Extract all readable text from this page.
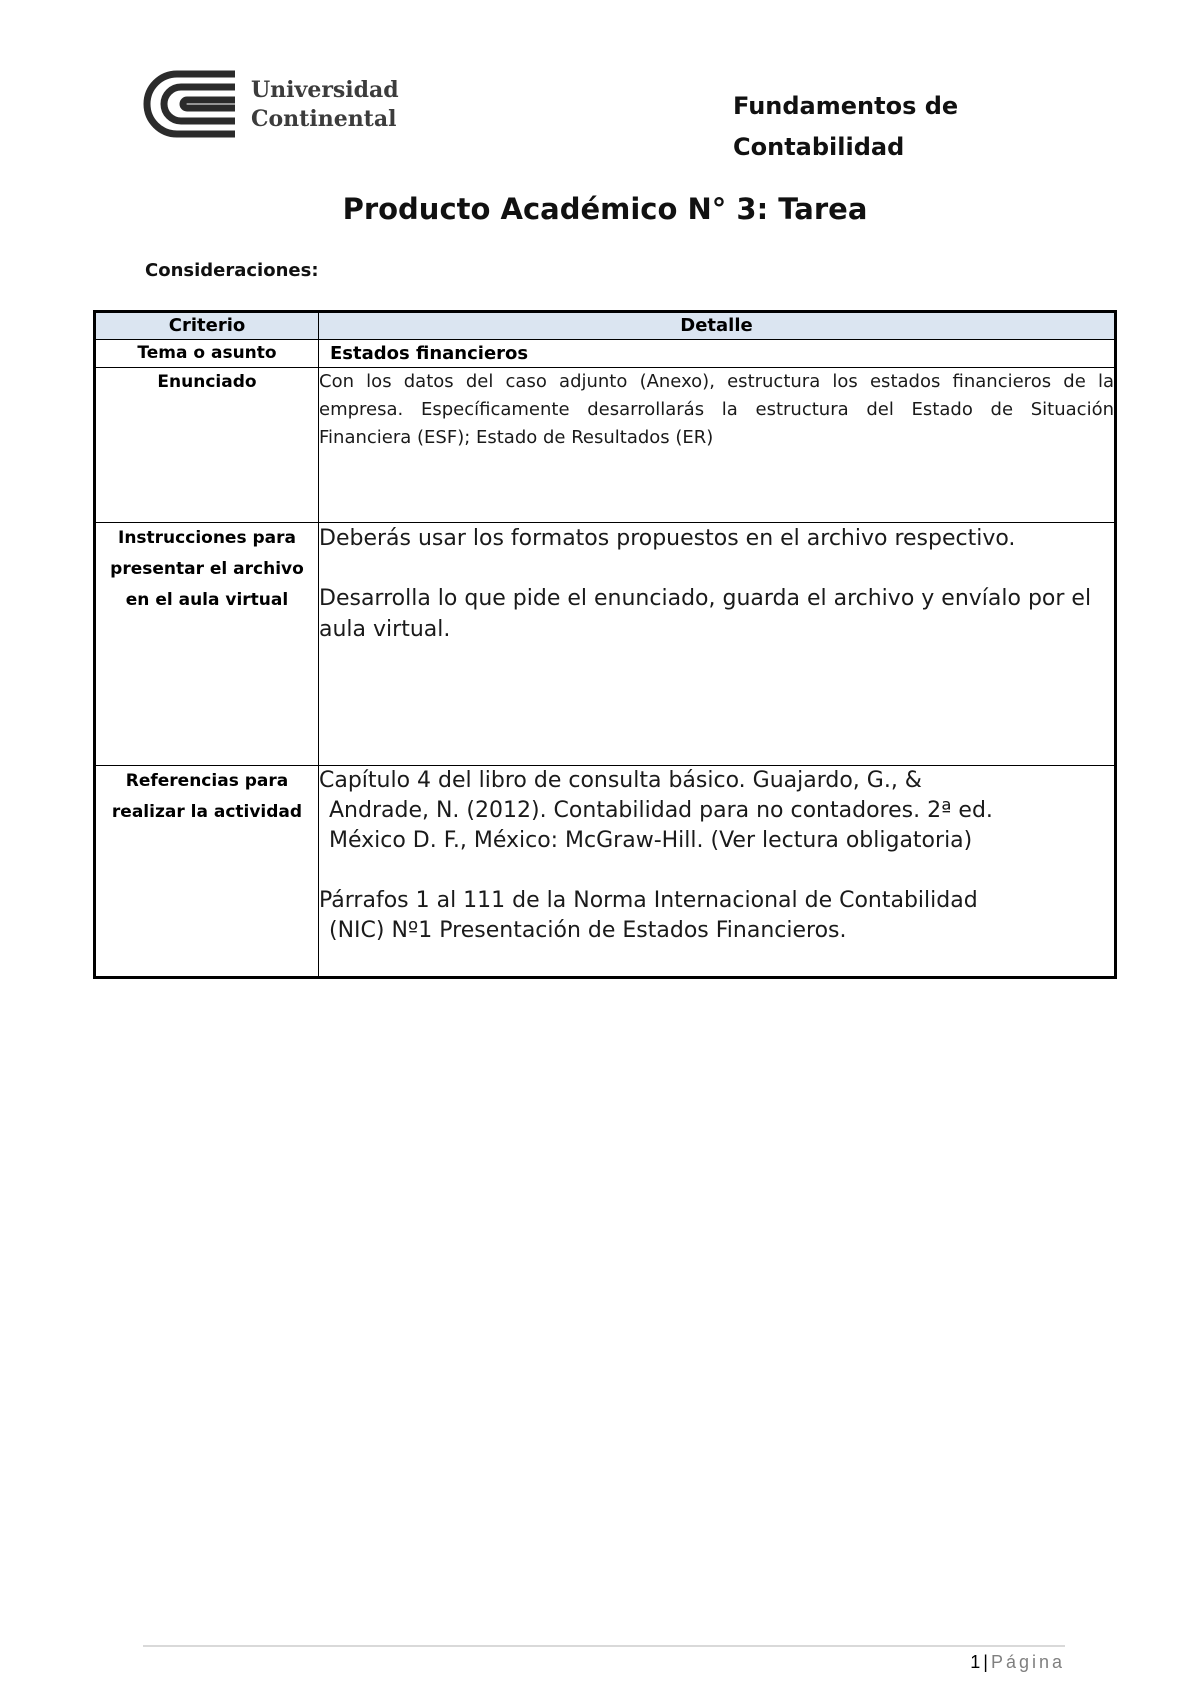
Universidad
Continental	Fundamentos de
Contabilidad
Producto Académico N° 3: Tarea
Consideraciones:
Criterio	Detalle
Tema o asunto	Estados financieros
Enunciado	Con los datos del caso adjunto (Anexo), estructura los estados financieros de la empresa. Específicamente desarrollarás la estructura del Estado de Situación Financiera (ESF); Estado de Resultados (ER)
Instrucciones para presentar el archivo en el aula virtual	Deberás usar los formatos propuestos en el archivo respectivo.

Desarrolla lo que pide el enunciado, guarda el archivo y envíalo por el aula virtual.

Referencias para realizar la actividad	Capítulo 4 del libro de consulta básico. Guajardo, G., &
Andrade, N. (2012). Contabilidad para no contadores. 2ª ed.
México D. F., México: McGraw-Hill. (Ver lectura obligatoria)

Párrafos 1 al 111 de la Norma Internacional de Contabilidad
(NIC) Nº1 Presentación de Estados Financieros.

1 | Página
